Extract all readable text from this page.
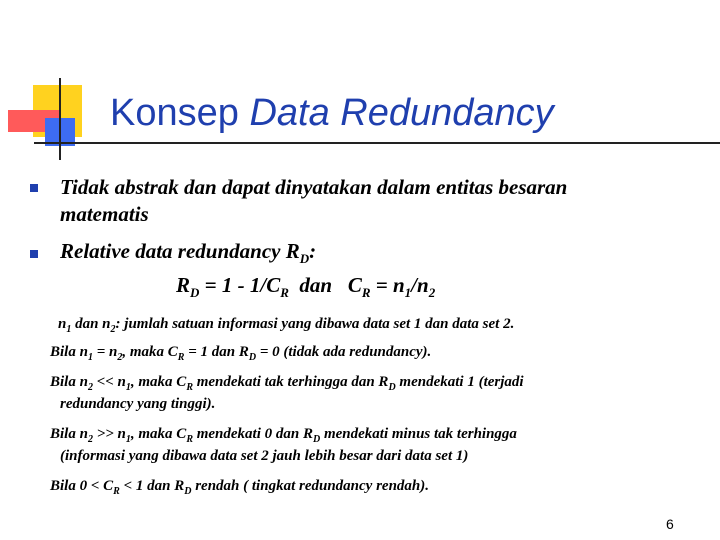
Konsep Data Redundancy
Tidak abstrak dan dapat dinyatakan dalam entitas besaran
matematis
Relative data redundancy $R_D$:
$R_D = 1 - 1/C_R$  dan   $C_R = n_1/n_2$
$n_1$ dan $n_2$: jumlah satuan informasi yang dibawa data set 1 dan data set 2.
Bila $n_1 = n_2$, maka $C_R = 1$ dan $R_D = 0$ (tidak ada redundancy).
Bila $n_2 << n_1$, maka $C_R$ mendekati tak terhingga dan $R_D$ mendekati 1 (terjadi
redundancy yang tinggi).
Bila $n_2 >> n_1$, maka $C_R$ mendekati 0 dan $R_D$ mendekati minus tak terhingga
(informasi yang dibawa data set 2 jauh lebih besar dari data set 1)
Bila $0 < C_R < 1$ dan $R_D$ rendah ( tingkat redundancy rendah).
6
